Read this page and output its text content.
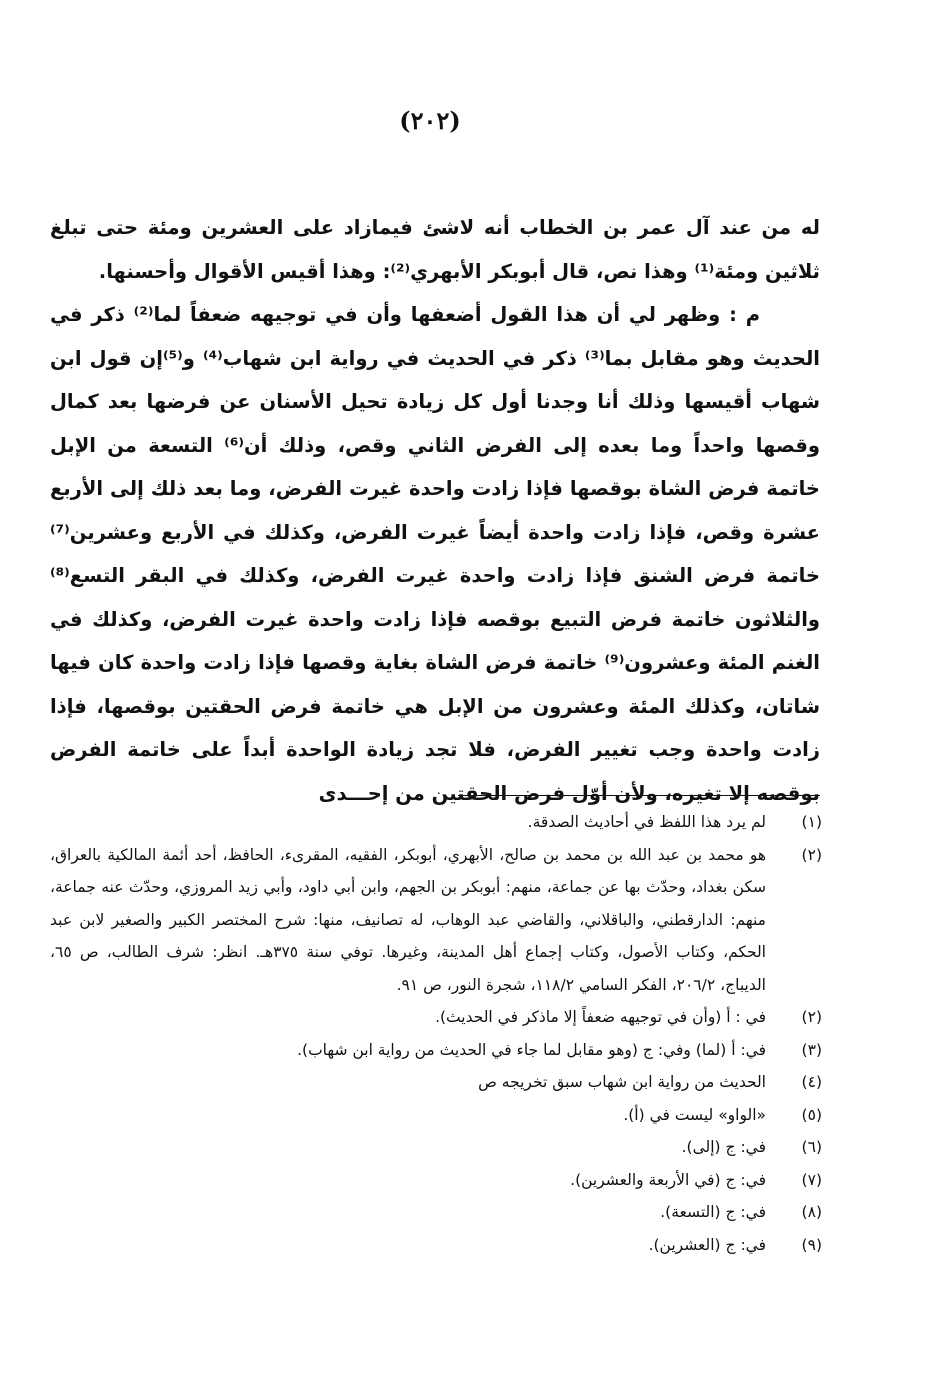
(٢٠٢)

له من عند آل عمر بن الخطاب أنه لاشئ فيمازاد على العشرين ومئة حتى تبلغ ثلاثين ومئة⁽¹⁾ وهذا نص، قال أبوبكر الأبهري⁽²⁾: وهذا أقيس الأقوال وأحسنها.

م : وظهر لي أن هذا القول أضعفها وأن في توجيهه ضعفاً لما⁽²⁾ ذكر في الحديث وهو مقابل بما⁽³⁾ ذكر في الحديث في رواية ابن شهاب⁽⁴⁾ و⁽⁵⁾إن قول ابن شهاب أقيسها وذلك أنا وجدنا أول كل زيادة تحيل الأسنان عن فرضها بعد كمال وقصها واحداً وما بعده إلى الفرض الثاني وقص، وذلك أن⁽⁶⁾ التسعة من الإبل خاتمة فرض الشاة بوقصها فإذا زادت واحدة غيرت الفرض، وما بعد ذلك إلى الأربع عشرة وقص، فإذا زادت واحدة أيضاً غيرت الفرض، وكذلك في الأربع وعشرين⁽⁷⁾ خاتمة فرض الشنق فإذا زادت واحدة غيرت الفرض، وكذلك في البقر التسع⁽⁸⁾ والثلاثون خاتمة فرض التبيع بوقصه فإذا زادت واحدة غيرت الفرض، وكذلك في الغنم المئة وعشرون⁽⁹⁾ خاتمة فرض الشاة بغاية وقصها فإذا زادت واحدة كان فيها شاتان، وكذلك المئة وعشرون من الإبل هي خاتمة فرض الحقتين بوقصها، فإذا زادت واحدة وجب تغيير الفرض، فلا تجد زيادة الواحدة أبداً على خاتمة الفرض بوقصه إلا تغيره، ولأن أوّل فرض الحقتين من إحـــدى

(١)
لم يرد هذا اللفظ في أحاديث الصدقة.
(٢)
هو محمد بن عبد الله بن محمد بن صالح، الأبهري، أبوبكر، الفقيه، المقرىء، الحافظ، أحد أئمة المالكية بالعراق، سكن بغداد، وحدّث بها عن جماعة، منهم: أبوبكر بن الجهم، وابن أبي داود، وأبي زيد المروزي، وحدّث عنه جماعة، منهم: الدارقطني، والباقلاني، والقاضي عبد الوهاب، له تصانيف، منها: شرح المختصر الكبير والصغير لابن عبد الحكم، وكتاب الأصول، وكتاب إجماع أهل المدينة، وغيرها. توفي سنة ٣٧٥هـ. انظر: شرف الطالب، ص ٦٥، الديباج، ٢٠٦/٢، الفكر السامي ١١٨/٢، شجرة النور، ص ٩١.
(٢)
في : أ (وأن في توجيهه ضعفاً إلا ماذكر في الحديث).
(٣)
في: أ (لما) وفي: ج (وهو مقابل لما جاء في الحديث من رواية ابن شهاب).
(٤)
الحديث من رواية ابن شهاب سبق تخريجه ص
(٥)
«الواو» ليست في (أ).
(٦)
في: ج (إلى).
(٧)
في: ج (في الأربعة والعشرين).
(٨)
في: ج (التسعة).
(٩)
في: ج (العشرين).
